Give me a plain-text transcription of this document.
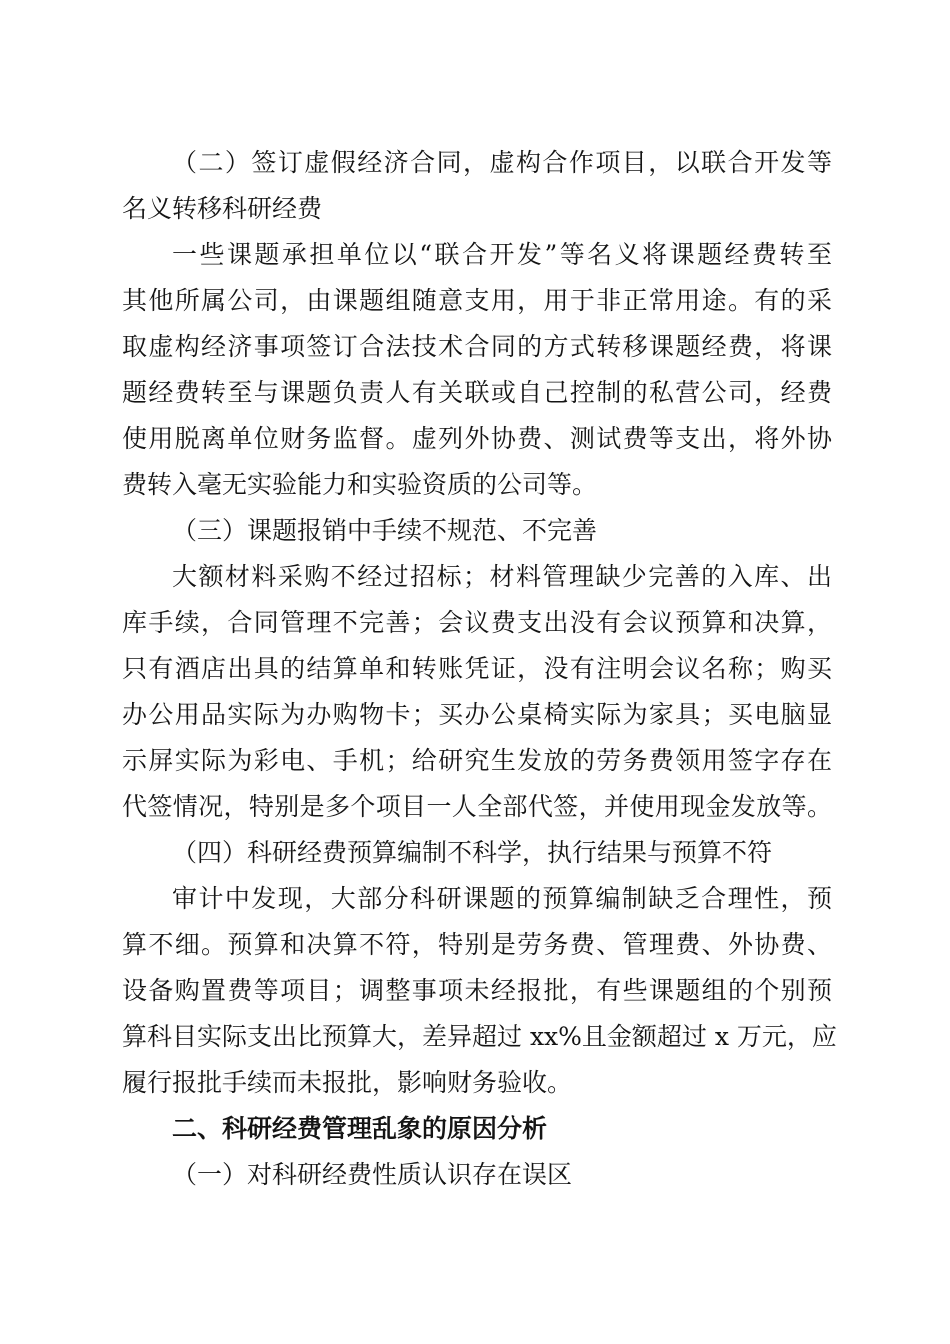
（二）签订虚假经济合同，虚构合作项目，以联合开发等
名义转移科研经费
一些课题承担单位以“联合开发”等名义将课题经费转至
其他所属公司，由课题组随意支用，用于非正常用途。有的采
取虚构经济事项签订合法技术合同的方式转移课题经费，将课
题经费转至与课题负责人有关联或自己控制的私营公司，经费
使用脱离单位财务监督。虚列外协费、测试费等支出，将外协
费转入毫无实验能力和实验资质的公司等。
（三）课题报销中手续不规范、不完善
大额材料采购不经过招标；材料管理缺少完善的入库、出
库手续，合同管理不完善；会议费支出没有会议预算和决算，
只有酒店出具的结算单和转账凭证，没有注明会议名称；购买
办公用品实际为办购物卡；买办公桌椅实际为家具；买电脑显
示屏实际为彩电、手机；给研究生发放的劳务费领用签字存在
代签情况，特别是多个项目一人全部代签，并使用现金发放等。
（四）科研经费预算编制不科学，执行结果与预算不符
审计中发现，大部分科研课题的预算编制缺乏合理性，预
算不细。预算和决算不符，特别是劳务费、管理费、外协费、
设备购置费等项目；调整事项未经报批，有些课题组的个别预
算科目实际支出比预算大，差异超过 xx%且金额超过 x 万元，应
履行报批手续而未报批，影响财务验收。
二、科研经费管理乱象的原因分析
（一）对科研经费性质认识存在误区
